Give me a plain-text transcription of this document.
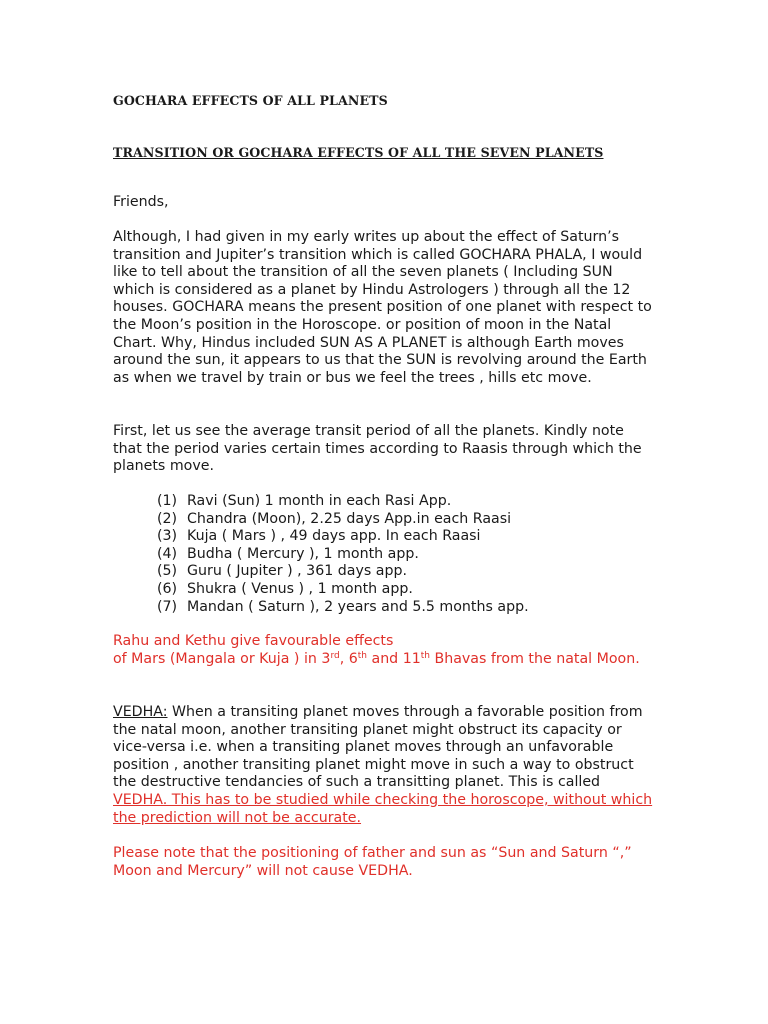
GOCHARA EFFECTS OF ALL PLANETS
TRANSITION OR GOCHARA EFFECTS OF ALL THE SEVEN PLANETS

Friends,

Although, I had given in my early writes up about the effect of Saturn’s transition and Jupiter’s transition which is called GOCHARA PHALA, I would like to tell about the transition of all the seven planets ( Including SUN which is considered as a planet by Hindu Astrologers ) through all the 12 houses. GOCHARA means the present position of one planet with respect to the Moon’s position in the Horoscope. or position of moon in the Natal Chart. Why, Hindus included SUN AS A PLANET is although Earth moves around the sun, it appears to us that the SUN is revolving around the Earth as when we travel by train or bus we feel the trees , hills etc move.

First, let us see the average transit period of all the planets. Kindly note that the period varies certain times according to Raasis through which the planets move.

(1) Ravi (Sun) 1 month in each Rasi App.
(2) Chandra (Moon), 2.25 days App.in each Raasi
(3) Kuja ( Mars ) , 49 days app. In each Raasi
(4) Budha ( Mercury ), 1 month app.
(5) Guru ( Jupiter ) , 361 days app.
(6) Shukra ( Venus ) , 1 month app.
(7) Mandan ( Saturn ), 2 years and 5.5 months app.

Rahu and Kethu give favourable effects
of Mars (Mangala or Kuja ) in 3rd, 6th and 11th Bhavas from the natal Moon.

VEDHA: When a transiting planet moves through a favorable position from the natal moon, another transiting planet might obstruct its capacity or vice-versa i.e. when a transiting planet moves through an unfavorable position , another transiting planet might move in such a way to obstruct the destructive tendancies of such a transitting planet. This is called VEDHA. This has to be studied while checking the horoscope, without which the prediction will not be accurate.

Please note that the positioning of father and sun as “Sun and Saturn “,” Moon and Mercury” will not cause VEDHA.
